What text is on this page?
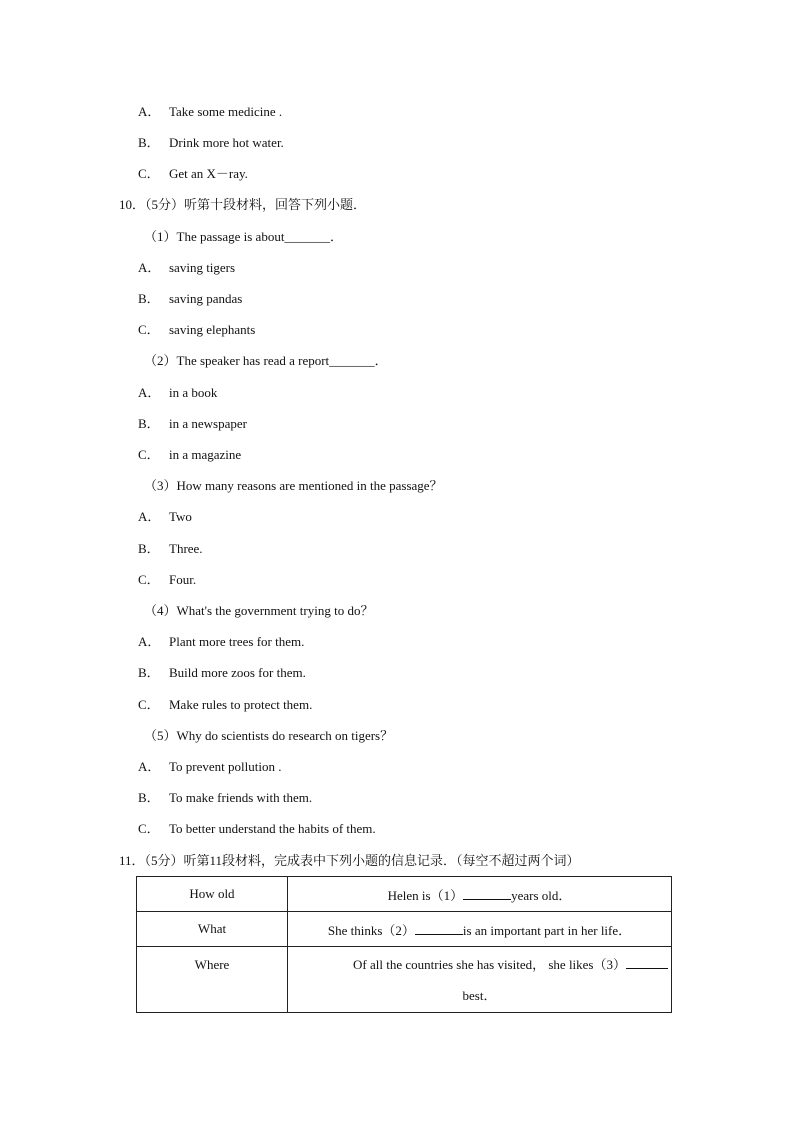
A． Take some medicine .
B． Drink more hot water.
C． Get an X－ray.
10．（5分）听第十段材料，回答下列小题．
（1）The passage is about_______．
A． saving tigers
B． saving pandas
C． saving elephants
（2）The speaker has read a report_______．
A． in a book
B． in a newspaper
C． in a magazine
（3）How many reasons are mentioned in the passage？
A． Two
B． Three.
C． Four.
（4）What's the government trying to do？
A． Plant more trees for them.
B． Build more zoos for them.
C． Make rules to protect them.
（5）Why do scientists do research on tigers？
A． To prevent pollution .
B． To make friends with them.
C． To better understand the habits of them.
11．（5分）听第11段材料，完成表中下列小题的信息记录．（每空不超过两个词）
How old	Helen is（1） years old．
What	She thinks（2） is an important part in her life．
Where	Of all the countries she has visited， she likes（3）
best．
